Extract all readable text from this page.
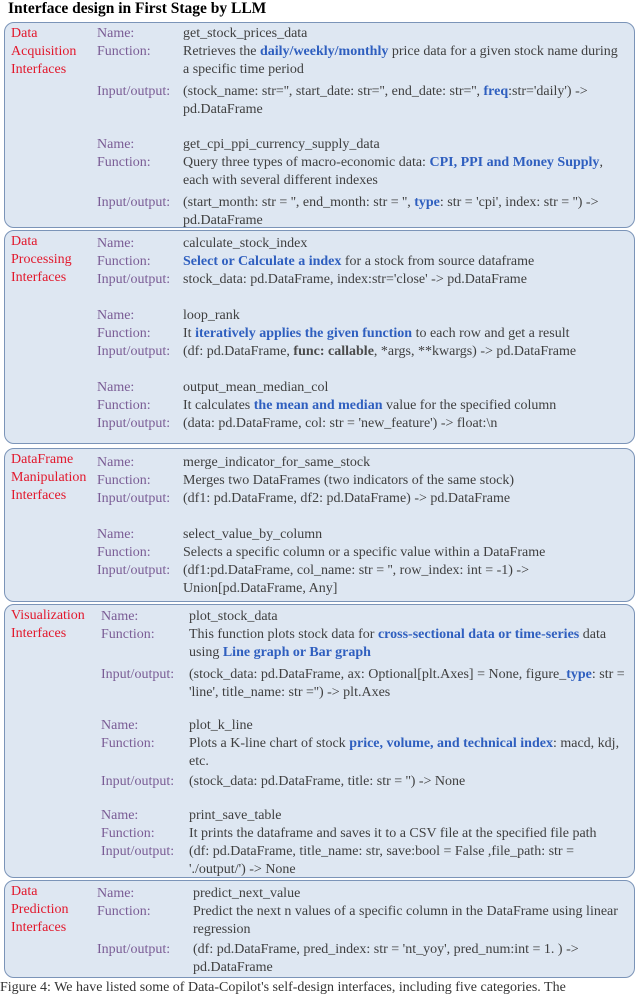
Interface design in First Stage by LLM
Data
Acquisition
Interfaces
Name:	get_stock_prices_data
Function: Retrieves the daily/weekly/monthly price data for a given stock name during a specific time period
Input/output: (stock_name: str='', start_date: str='', end_date: str='', freq:str='daily') -> pd.DataFrame
Name:	get_cpi_ppi_currency_supply_data
Function: Query three types of macro-economic data: CPI, PPI and Money Supply, each with several different indexes
Input/output: (start_month: str = '', end_month: str = '', type: str = 'cpi', index: str = '') -> pd.DataFrame
Data
Processing
Interfaces
Name:	calculate_stock_index
Function: Select or Calculate a index for a stock from source dataframe
Input/output: stock_data: pd.DataFrame, index:str='close' -> pd.DataFrame
Name:	loop_rank
Function: It iteratively applies the given function to each row and get a result
Input/output: (df: pd.DataFrame, func: callable, *args, **kwargs) -> pd.DataFrame
Name:	output_mean_median_col
Function: It calculates the mean and median value for the specified column
Input/output: (data: pd.DataFrame, col: str = 'new_feature') -> float:\n
DataFrame
Manipulation
Interfaces
Name:	merge_indicator_for_same_stock
Function: Merges two DataFrames (two indicators of the same stock)
Input/output: (df1: pd.DataFrame, df2: pd.DataFrame) -> pd.DataFrame
Name:	select_value_by_column
Function: Selects a specific column or a specific value within a DataFrame
Input/output: (df1:pd.DataFrame, col_name: str = '', row_index: int = -1) -> Union[pd.DataFrame, Any]
Visualization
Interfaces
Name:	plot_stock_data
Function: This function plots stock data for cross-sectional data or time-series data using Line graph or Bar graph
Input/output: (stock_data: pd.DataFrame, ax: Optional[plt.Axes] = None, figure_type: str = 'line', title_name: str ='') -> plt.Axes
Name:	plot_k_line
Function: Plots a K-line chart of stock price, volume, and technical index: macd, kdj, etc.
Input/output: (stock_data: pd.DataFrame, title: str = '') -> None
Name:	print_save_table
Function: It prints the dataframe and saves it to a CSV file at the specified file path
Input/output: (df: pd.DataFrame, title_name: str, save:bool = False ,file_path: str = './output/') -> None
Data
Prediction
Interfaces
Name:	predict_next_value
Function:	Predict the next n values of a specific column in the DataFrame using linear regression
Input/output: (df: pd.DataFrame, pred_index: str = 'nt_yoy', pred_num:int = 1. ) -> pd.DataFrame
Figure 4: We have listed some of Data-Copilot's self-design interfaces, including five categories. The
